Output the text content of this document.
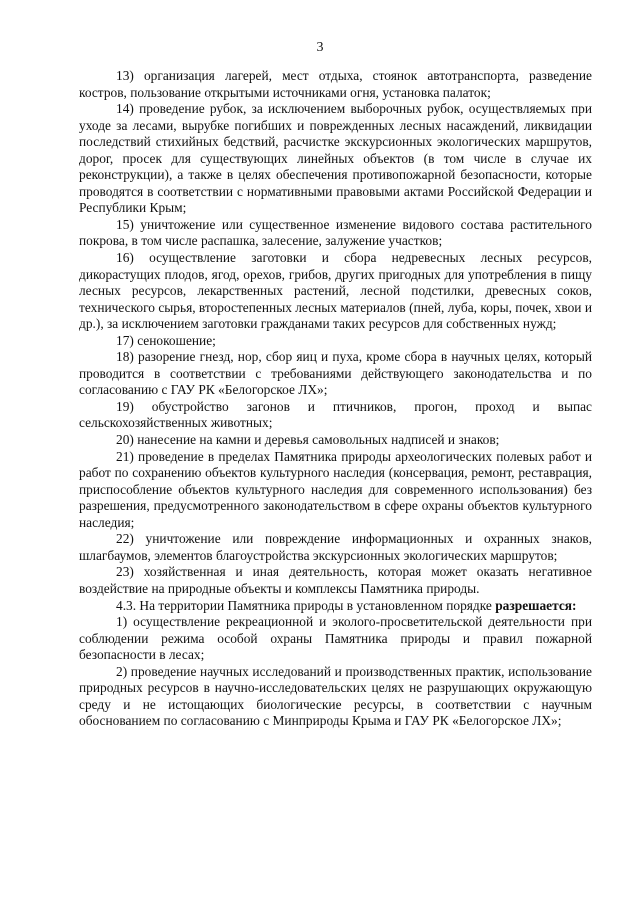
3

13) организация лагерей, мест отдыха, стоянок автотранспорта, разведение костров, пользование открытыми источниками огня, установка палаток;

14) проведение рубок, за исключением выборочных рубок, осуществляемых при уходе за лесами, вырубке погибших и поврежденных лесных насаждений, ликвидации последствий стихийных бедствий, расчистке экскурсионных экологических маршрутов, дорог, просек для существующих линейных объектов (в том числе в случае их реконструкции), а также в целях обеспечения противопожарной безопасности, которые проводятся в соответствии с нормативными правовыми актами Российской Федерации и Республики Крым;

15) уничтожение или существенное изменение видового состава растительного покрова, в том числе распашка, залесение, залужение участков;

16) осуществление заготовки и сбора недревесных лесных ресурсов, дикорастущих плодов, ягод, орехов, грибов, других пригодных для употребления в пищу лесных ресурсов, лекарственных растений, лесной подстилки, древесных соков, технического сырья, второстепенных лесных материалов (пней, луба, коры, почек, хвои и др.), за исключением заготовки гражданами таких ресурсов для собственных нужд;

17) сенокошение;

18) разорение гнезд, нор, сбор яиц и пуха, кроме сбора в научных целях, который проводится в соответствии с требованиями действующего законодательства и по согласованию с ГАУ РК «Белогорское ЛХ»;

19) обустройство загонов и птичников, прогон, проход и выпас сельскохозяйственных животных;

20) нанесение на камни и деревья самовольных надписей и знаков;

21) проведение в пределах Памятника природы археологических полевых работ и работ по сохранению объектов культурного наследия (консервация, ремонт, реставрация, приспособление объектов культурного наследия для современного использования) без разрешения, предусмотренного законодательством в сфере охраны объектов культурного наследия;

22) уничтожение или повреждение информационных и охранных знаков, шлагбаумов, элементов благоустройства экскурсионных экологических маршрутов;

23) хозяйственная и иная деятельность, которая может оказать негативное воздействие на природные объекты и комплексы Памятника природы.

4.3. На территории Памятника природы в установленном порядке разрешается:

1) осуществление рекреационной и эколого-просветительской деятельности при соблюдении режима особой охраны Памятника природы и правил пожарной безопасности в лесах;

2) проведение научных исследований и производственных практик, использование природных ресурсов в научно-исследовательских целях не разрушающих окружающую среду и не истощающих биологические ресурсы, в соответствии с научным обоснованием по согласованию с Минприроды Крыма и ГАУ РК «Белогорское ЛХ»;
